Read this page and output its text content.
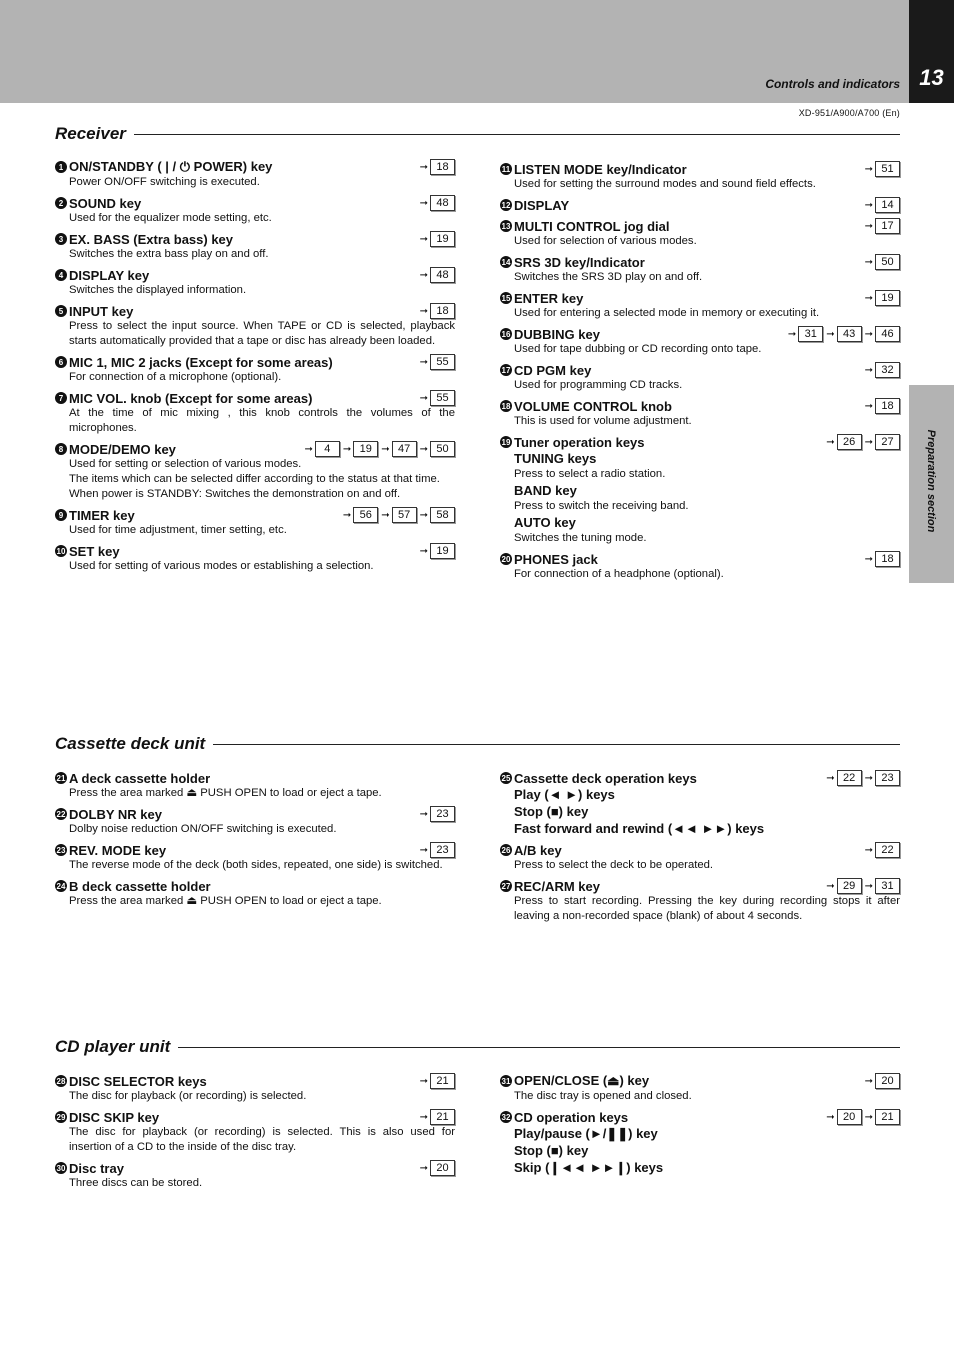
13
Controls and indicators
XD-951/A900/A700 (En)
Preparation section
Receiver
1 ON/STANDBY ( | / ⏻ POWER) key	➞ 18
Power ON/OFF switching is executed.
2 SOUND key	➞ 48
Used for the equalizer mode setting, etc.
3 EX. BASS (Extra bass) key	➞ 19
Switches the extra bass play on and off.
4 DISPLAY key	➞ 48
Switches the displayed information.
5 INPUT key	➞ 18
Press to select the input source. When TAPE or CD is selected, playback starts automatically provided that a tape or disc has already been loaded.
6 MIC 1, MIC 2 jacks (Except for some areas)	➞ 55
For connection of a microphone (optional).
7 MIC VOL. knob (Except for some areas)	➞ 55
At the time of mic mixing , this knob controls the volumes of the microphones.
8 MODE/DEMO key	➞	4	➞ 19 ➞ 47 ➞ 50
Used for setting or selection of various modes.
The items which can be selected differ according to the status at that time.
When power is STANDBY: Switches the demonstration on and off.
9 TIMER key	➞ 56 ➞ 57 ➞ 58
Used for time adjustment, timer setting, etc.
10 SET key	➞ 19
Used for setting of various modes or establishing a selection.
11 LISTEN MODE key/Indicator	➞ 51
Used for setting the surround modes and sound field effects.
12 DISPLAY	➞ 14
13 MULTI CONTROL jog dial	➞ 17
Used for selection of various modes.
14 SRS 3D key/Indicator	➞ 50
Switches the SRS 3D play on and off.
15 ENTER key	➞ 19
Used for entering a selected mode in memory or executing it.
16 DUBBING key	➞ 31 ➞ 43 ➞ 46
Used for tape dubbing or CD recording onto tape.
17 CD PGM key	➞ 32
Used for programming CD tracks.
18 VOLUME CONTROL knob	➞ 18
This is used for volume adjustment.
19 Tuner operation keys	➞ 26 ➞ 27
TUNING keys
Press to select a radio station.
BAND key
Press to switch the receiving band.
AUTO key
Switches the tuning mode.
20 PHONES jack	➞ 18
For connection of a headphone (optional).
Cassette deck unit
21 A deck cassette holder
Press the area marked ⏏ PUSH OPEN to load or eject a tape.
22 DOLBY NR key	➞ 23
Dolby noise reduction ON/OFF switching is executed.
23 REV. MODE key	➞ 23
The reverse mode of the deck (both sides, repeated, one side) is switched.
24 B deck cassette holder
Press the area marked ⏏ PUSH OPEN to load or eject a tape.
25 Cassette deck operation keys	➞ 22 ➞ 23
Play (◄ ►) keys
Stop (■) key
Fast forward and rewind (◄◄ ►►) keys
26 A/B key	➞ 22
Press to select the deck to be operated.
27 REC/ARM key	➞ 29 ➞ 31
Press to start recording. Pressing the key during recording stops it after leaving a non-recorded space (blank) of about 4 seconds.
CD player unit
28 DISC SELECTOR keys	➞ 21
The disc for playback (or recording) is selected.
29 DISC SKIP key	➞ 21
The disc for playback (or recording) is selected. This is also used for insertion of a CD to the inside of the disc tray.
30 Disc tray	➞ 20
Three discs can be stored.
31 OPEN/CLOSE (⏏) key	➞ 20
The disc tray is opened and closed.
32 CD operation keys	➞ 20 ➞ 21
Play/pause (►/❚❚) key
Stop (■) key
Skip (❙◄◄ ►►❙) keys
